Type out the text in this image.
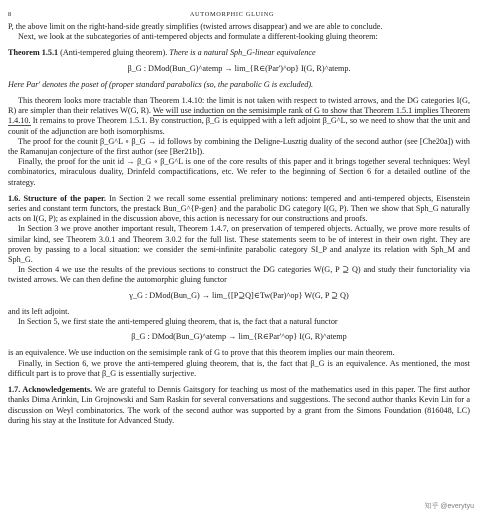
8	AUTOMORPHIC GLUING

P, the above limit on the right-hand-side greatly simplifies (twisted arrows disappear) and we are able to conclude.

Next, we look at the subcategories of anti-tempered objects and formulate a different-looking gluing theorem:

Theorem 1.5.1 (Anti-tempered gluing theorem). There is a natural Sph_G-linear equivalence

β_G : DMod(Bun_G)^atemp → lim_{R∈(Par')^op} I(G, R)^atemp.

Here Par' denotes the poset of (proper standard parabolics (so, the parabolic G is excluded).

This theorem looks more tractable than Theorem 1.4.10: the limit is not taken with respect to twisted arrows, and the DG categories I(G, R) are simpler than their relatives W(G, R). We will use induction on the semisimple rank of G to show that Theorem 1.5.1 implies Theorem 1.4.10. It remains to prove Theorem 1.5.1. By construction, β_G is equipped with a left adjoint β_G^L, so we need to show that the unit and counit of the adjunction are both isomorphisms.

The proof for the counit β_G^L ∘ β_G → id follows by combining the Deligne-Lusztig duality of the second author (see [Che20a]) with the Ramanujan conjecture of the first author (see [Ber21b]).

Finally, the proof for the unit id → β_G ∘ β_G^L is one of the core results of this paper and it brings together several techniques: Weyl combinatorics, miraculous duality, Drinfeld compactifications, etc. We refer to the beginning of Section 6 for a detailed outline of the strategy.

1.6. Structure of the paper. In Section 2 we recall some essential preliminary notions: tempered and anti-tempered objects, Eisenstein series and constant term functors, the prestack Bun_G^{P-gen} and the parabolic DG category I(G, P). Then we show that Sph_G naturally acts on I(G, P); as explained in the discussion above, this action is necessary for our constructions and proofs.

In Section 3 we prove another important result, Theorem 1.4.7, on preservation of tempered objects. Actually, we prove more results of similar kind, see Theorem 3.0.1 and Theorem 3.0.2 for the full list. These statements seem to be of interest in their own right. They are proven by passing to a local situation: we consider the semi-infinite parabolic category SI_P and analyze its relation with Sph_M and Sph_G.

In Section 4 we use the results of the previous sections to construct the DG categories W(G, P ⊇ Q) and study their functoriality via twisted arrows. We can then define the automorphic gluing functor

γ_G : DMod(Bun_G) → lim_{[P⊇Q]∈Tw(Par)^op} W(G, P ⊇ Q)

and its left adjoint.

In Section 5, we first state the anti-tempered gluing theorem, that is, the fact that a natural functor

β_G : DMod(Bun_G)^atemp → lim_{R∈Par'^op} I(G, R)^atemp

is an equivalence. We use induction on the semisimple rank of G to prove that this theorem implies our main theorem.

Finally, in Section 6, we prove the anti-tempered gluing theorem, that is, the fact that β_G is an equivalence. As mentioned, the most difficult part is to prove that β_G is essentially surjective.

1.7. Acknowledgements. We are grateful to Dennis Gaitsgory for teaching us most of the mathematics used in this paper. The first author thanks Dima Arinkin, Lin Grojnowski and Sam Raskin for several conversations and suggestions. The second author thanks Kevin Lin for a discussion on Weyl combinatorics. The work of the second author was supported by a grant from the Simons Foundation (816048, LC) during his stay at the Institute for Advanced Study.

知乎 @everytyu
